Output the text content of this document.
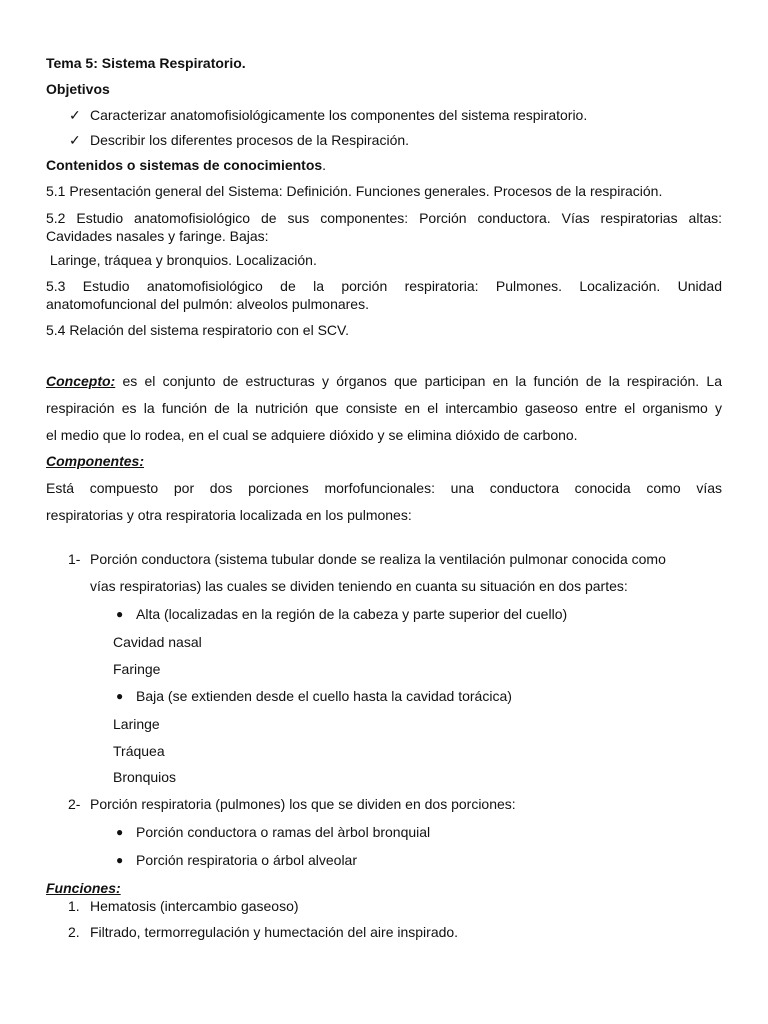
Tema 5: Sistema Respiratorio.
Objetivos
✓ Caracterizar anatomofisiológicamente los componentes del sistema respiratorio.
✓ Describir los diferentes procesos de la Respiración.
Contenidos o sistemas de conocimientos.
5.1 Presentación general del Sistema: Definición. Funciones generales. Procesos de la respiración.
5.2 Estudio anatomofisiológico de sus componentes: Porción conductora. Vías respiratorias altas:
Cavidades nasales y faringe. Bajas:
Laringe, tráquea y bronquios. Localización.
5.3 Estudio anatomofisiológico de la porción respiratoria: Pulmones. Localización. Unidad
anatomofuncional del pulmón: alveolos pulmonares.
5.4 Relación del sistema respiratorio con el SCV.
Concepto: es el conjunto de estructuras y órganos que participan en la función de la respiración. La
respiración es la función de la nutrición que consiste en el intercambio gaseoso entre el organismo y
el medio que lo rodea, en el cual se adquiere dióxido y se elimina dióxido de carbono.
Componentes:
Está compuesto por dos porciones morfofuncionales: una conductora conocida como vías
respiratorias y otra respiratoria localizada en los pulmones:
1- Porción conductora (sistema tubular donde se realiza la ventilación pulmonar conocida como
vías respiratorias) las cuales se dividen teniendo en cuanta su situación en dos partes:
● Alta (localizadas en la región de la cabeza y parte superior del cuello)
Cavidad nasal
Faringe
● Baja (se extienden desde el cuello hasta la cavidad torácica)
Laringe
Tráquea
Bronquios
2- Porción respiratoria (pulmones) los que se dividen en dos porciones:
● Porción conductora o ramas del àrbol bronquial
● Porción respiratoria o árbol alveolar
Funciones:
1. Hematosis (intercambio gaseoso)
2. Filtrado, termorregulación y humectación del aire inspirado.
